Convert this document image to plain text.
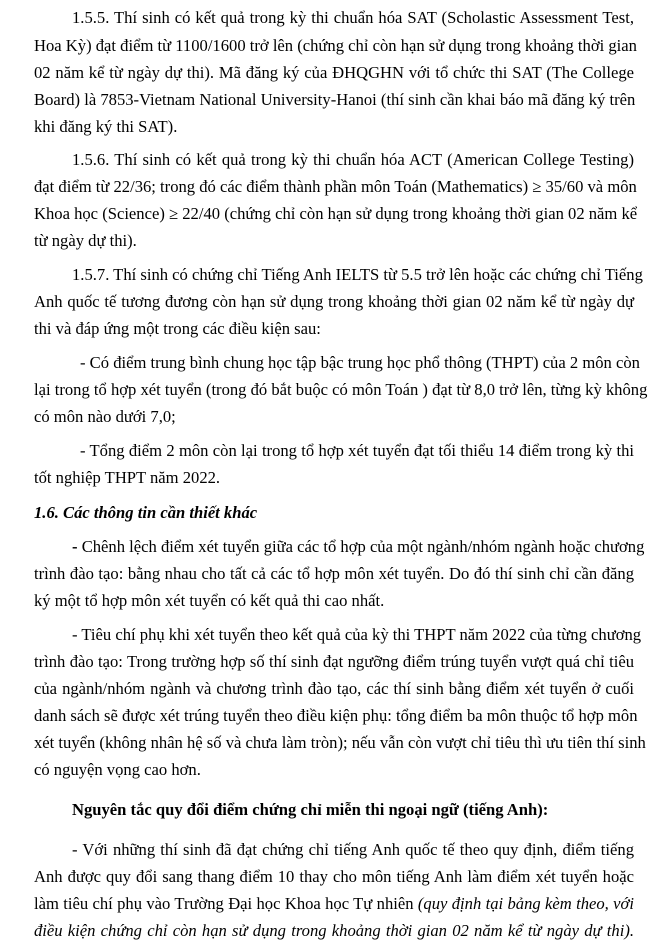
1.5.5. Thí sinh có kết quả trong kỳ thi chuẩn hóa SAT (Scholastic Assessment Test,
Hoa Kỳ) đạt điểm từ 1100/1600 trở lên (chứng chỉ còn hạn sử dụng trong khoảng thời gian
02 năm kể từ ngày dự thi). Mã đăng ký của ĐHQGHN với tổ chức thi SAT (The College
Board) là 7853-Vietnam National University-Hanoi (thí sinh cần khai báo mã đăng ký trên
khi đăng ký thi SAT).
1.5.6. Thí sinh có kết quả trong kỳ thi chuẩn hóa ACT (American College Testing)
đạt điểm từ 22/36; trong đó các điểm thành phần môn Toán (Mathematics) ≥ 35/60 và môn
Khoa học (Science) ≥ 22/40 (chứng chỉ còn hạn sử dụng trong khoảng thời gian 02 năm kể
từ ngày dự thi).
1.5.7. Thí sinh có chứng chỉ Tiếng Anh IELTS từ 5.5 trở lên hoặc các chứng chỉ Tiếng
Anh quốc tế tương đương còn hạn sử dụng trong khoảng thời gian 02 năm kể từ ngày dự
thi và đáp ứng một trong các điều kiện sau:
- Có điểm trung bình chung học tập bậc trung học phổ thông (THPT) của 2 môn còn
lại trong tổ hợp xét tuyển (trong đó bắt buộc có môn Toán ) đạt từ 8,0 trở lên, từng kỳ không
có môn nào dưới 7,0;
- Tổng điểm 2 môn còn lại trong tổ hợp xét tuyển đạt tối thiểu 14 điểm trong kỳ thi
tốt nghiệp THPT năm 2022.
1.6. Các thông tin cần thiết khác
- Chênh lệch điểm xét tuyển giữa các tổ hợp của một ngành/nhóm ngành hoặc chương
trình đào tạo: bằng nhau cho tất cả các tổ hợp môn xét tuyển. Do đó thí sinh chỉ cần đăng
ký một tổ hợp môn xét tuyển có kết quả thi cao nhất.
- Tiêu chí phụ khi xét tuyển theo kết quả của kỳ thi THPT năm 2022 của từng chương
trình đào tạo: Trong trường hợp số thí sinh đạt ngưỡng điểm trúng tuyển vượt quá chỉ tiêu
của ngành/nhóm ngành và chương trình đào tạo, các thí sinh bằng điểm xét tuyển ở cuối
danh sách sẽ được xét trúng tuyển theo điều kiện phụ: tổng điểm ba môn thuộc tổ hợp môn
xét tuyển (không nhân hệ số và chưa làm tròn); nếu vẫn còn vượt chỉ tiêu thì ưu tiên thí sinh
có nguyện vọng cao hơn.
Nguyên tắc quy đổi điểm chứng chỉ miễn thi ngoại ngữ (tiếng Anh):
- Với những thí sinh đã đạt chứng chỉ tiếng Anh quốc tế theo quy định, điểm tiếng
Anh được quy đổi sang thang điểm 10 thay cho môn tiếng Anh làm điểm xét tuyển hoặc
làm tiêu chí phụ vào Trường Đại học Khoa học Tự nhiên (quy định tại bảng kèm theo, với
điều kiện chứng chỉ còn hạn sử dụng trong khoảng thời gian 02 năm kể từ ngày dự thi).
